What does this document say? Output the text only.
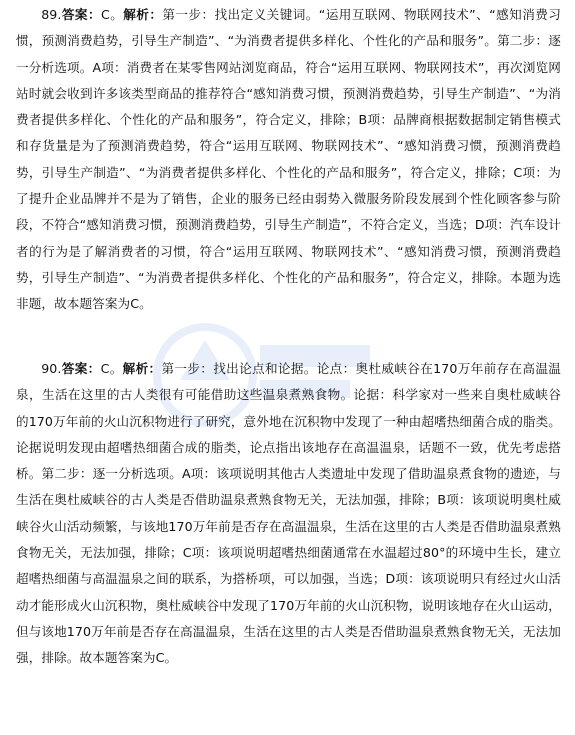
89.答案：C。解析：第一步：找出定义关键词。“运用互联网、物联网技术”、“感知消费习惯，预测消费趋势，引导生产制造”、“为消费者提供多样化、个性化的产品和服务”。第二步：逐一分析选项。A项：消费者在某零售网站浏览商品，符合“运用互联网、物联网技术”，再次浏览网站时就会收到许多该类型商品的推荐符合“感知消费习惯，预测消费趋势，引导生产制造”、“为消费者提供多样化、个性化的产品和服务”，符合定义，排除；B项：品牌商根据数据制定销售模式和存货量是为了预测消费趋势，符合“运用互联网、物联网技术”、“感知消费习惯，预测消费趋势，引导生产制造”、“为消费者提供多样化、个性化的产品和服务”，符合定义，排除；C项：为了提升企业品牌并不是为了销售，企业的服务已经由弱势入微服务阶段发展到个性化顾客参与阶段，不符合“感知消费习惯，预测消费趋势，引导生产制造”，不符合定义，当选；D项：汽车设计者的行为是了解消费者的习惯，符合“运用互联网、物联网技术”、“感知消费习惯，预测消费趋势，引导生产制造”、“为消费者提供多样化、个性化的产品和服务”，符合定义，排除。本题为选非题，故本题答案为C。

90.答案：C。解析：第一步：找出论点和论据。论点：奥杜威峡谷在170万年前存在高温温泉，生活在这里的古人类很有可能借助这些温泉煮熟食物。论据：科学家对一些来自奥杜威峡谷的170万年前的火山沉积物进行了研究，意外地在沉积物中发现了一种由超嗜热细菌合成的脂类。论据说明发现由超嗜热细菌合成的脂类，论点指出该地存在高温温泉，话题不一致，优先考虑搭桥。第二步：逐一分析选项。A项：该项说明其他古人类遗址中发现了借助温泉煮食物的遗迹，与生活在奥杜威峡谷的古人类是否借助温泉煮熟食物无关，无法加强，排除；B项：该项说明奥杜威峡谷火山活动频繁，与该地170万年前是否存在高温温泉，生活在这里的古人类是否借助温泉煮熟食物无关，无法加强，排除；C项：该项说明超嗜热细菌通常在水温超过80°的环境中生长，建立超嗜热细菌与高温温泉之间的联系，为搭桥项，可以加强，当选；D项：该项说明只有经过火山活动才能形成火山沉积物，奥杜威峡谷中发现了170万年前的火山沉积物，说明该地存在火山运动，但与该地170万年前是否存在高温温泉，生活在这里的古人类是否借助温泉煮熟食物无关，无法加强，排除。故本题答案为C。
